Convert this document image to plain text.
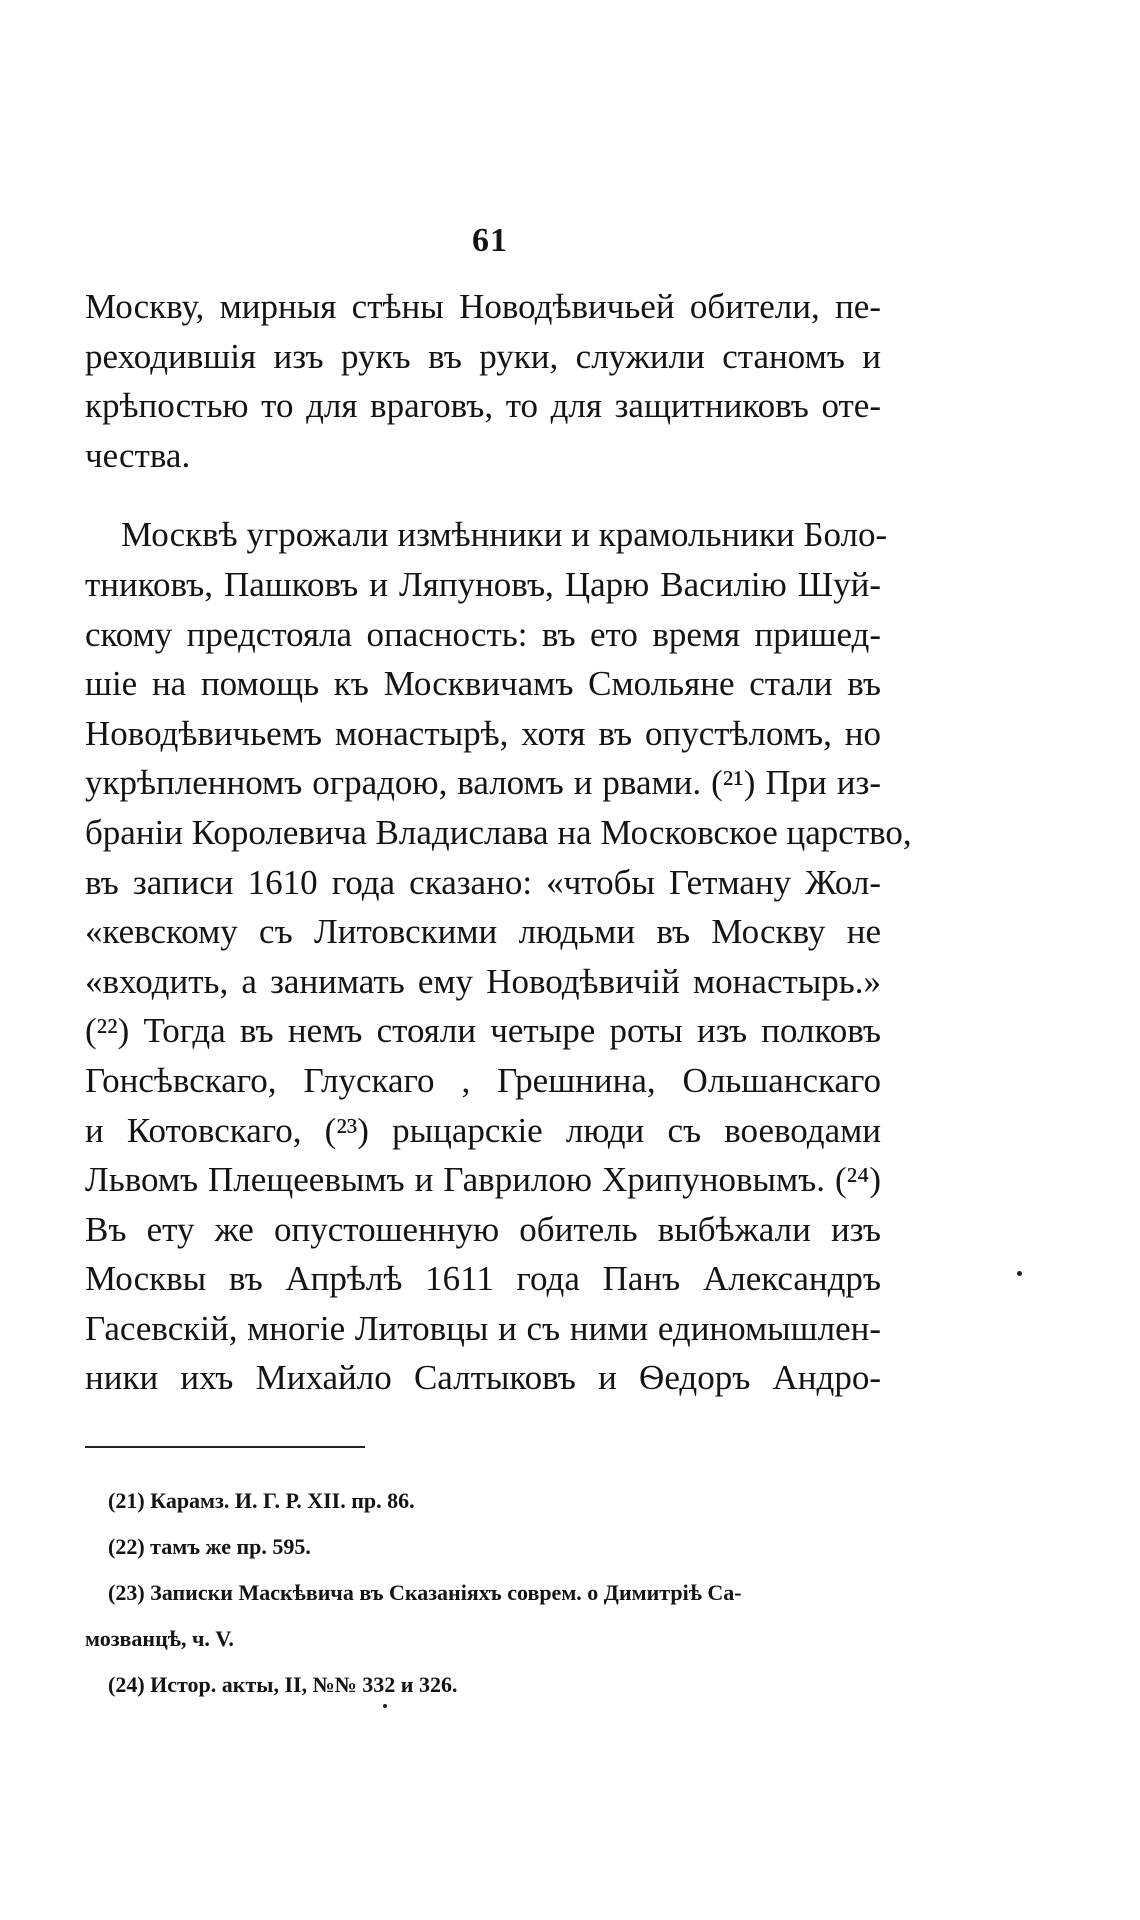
61
Москву, мирныя стѣны Новодѣвичьей обители, пе-
реходившія изъ рукъ въ руки, служили станомъ и
крѣпостью то для враговъ, то для защитниковъ оте-
чества.
Москвѣ угрожали измѣнники и крамольники Боло-
тниковъ, Пашковъ и Ляпуновъ, Царю Василію Шуй-
скому предстояла опасность: въ ето время пришед-
шіе на помощь къ Москвичамъ Смольяне стали въ
Новодѣвичьемъ монастырѣ, хотя въ опустѣломъ, но
укрѣпленномъ оградою, валомъ и рвами. (²¹) При из-
браніи Королевича Владислава на Московское царство,
въ записи 1610 года сказано: «чтобы Гетману Жол-
«кевскому съ Литовскими людьми въ Москву не
«входить, а занимать ему Новодѣвичій монастырь.»
(²²) Тогда въ немъ стояли четыре роты изъ полковъ
Гонсѣвскаго, Глускаго , Грешнина, Ольшанскаго
и Котовскаго, (²³) рыцарскіе люди съ воеводами
Львомъ Плещеевымъ и Гаврилою Хрипуновымъ. (²⁴)
Въ ету же опустошенную обитель выбѣжали изъ
Москвы въ Апрѣлѣ 1611 года Панъ Александръ
Гасевскій, многіе Литовцы и съ ними единомышлен-
ники ихъ Михайло Салтыковъ и Ѳедоръ Андро-
(21) Карамз. И. Г. Р. XII. пр. 86.
(22) тамъ же пр. 595.
(23) Записки Маскѣвича въ Сказаніяхъ соврем. о Димитріѣ Са-
мозванцѣ, ч. V.
(24) Истор. акты, II, №№ 332 и 326.
